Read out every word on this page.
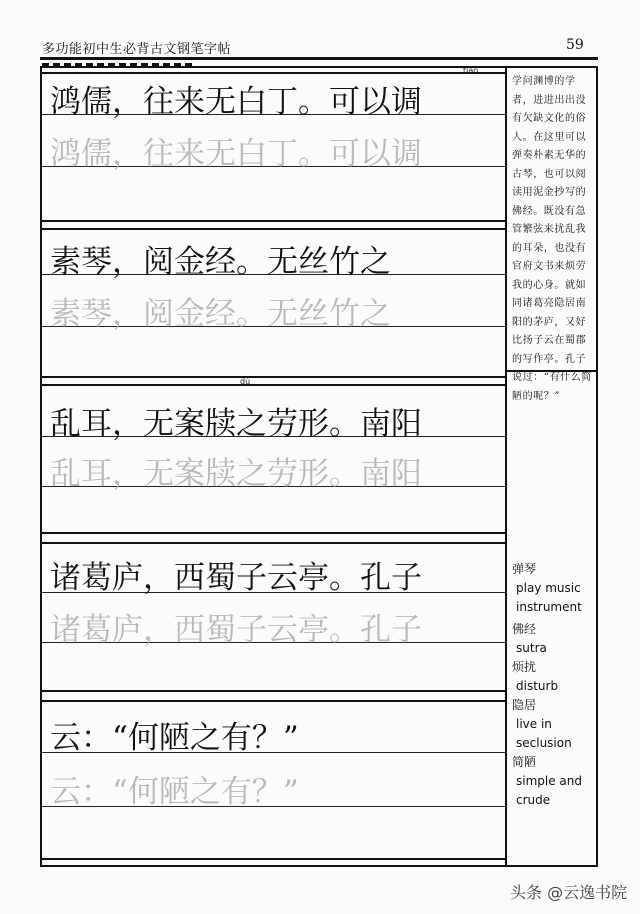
多功能初中生必背古文钢笔字帖	59
鸿儒，往来无白丁。可以调
鸿儒，往来无白丁。可以调
tiáo
素琴，阅金经。无丝竹之
素琴，阅金经。无丝竹之
乱耳，无案牍之劳形。南阳
乱耳，无案牍之劳形。南阳
dú
诸葛庐，西蜀子云亭。孔子
诸葛庐，西蜀子云亭。孔子
云：“何陋之有？”
云：“何陋之有？”
学问渊博的学者，进进出出没有欠缺文化的俗人。在这里可以弹奏朴素无华的古琴，也可以阅读用泥金抄写的佛经。既没有急管繁弦来扰乱我的耳朵，也没有官府文书来烦劳我的心身。就如同诸葛亮隐居南阳的茅庐，又好比扬子云在蜀郡的写作亭。孔子说过：“有什么简陋的呢？”
弹琴
play music instrument
佛经
sutra
烦扰
disturb
隐居
live in seclusion
简陋
simple and crude
头条 @云逸书院
